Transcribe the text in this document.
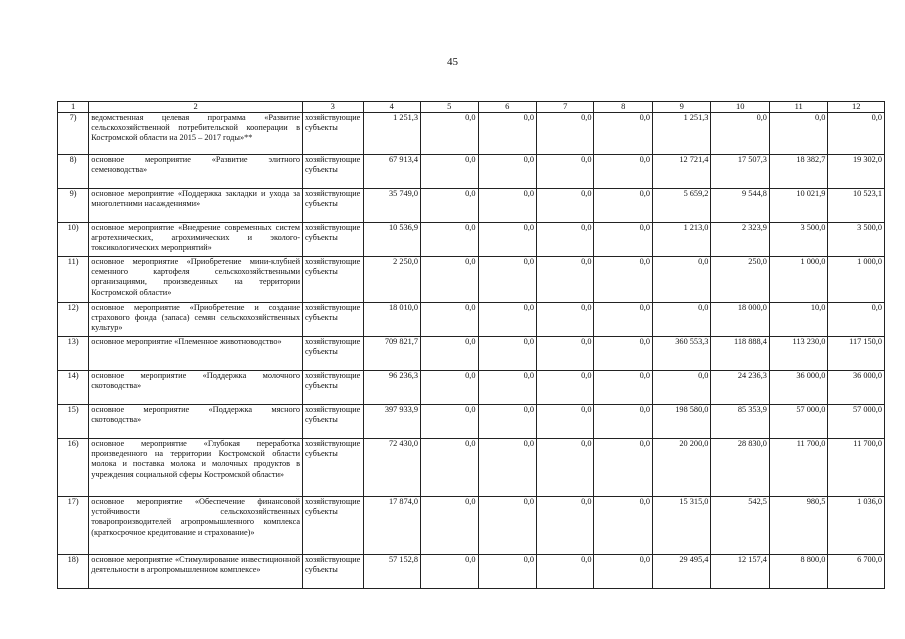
45
1	2	3	4	5	6	7	8	9	10	11	12
7)	ведомственная целевая программа «Развитие сельскохозяйственной потребительской кооперации в Костромской области на 2015 – 2017 годы»**	хозяйствующие субъекты	1 251,3	0,0	0,0	0,0	0,0	1 251,3	0,0	0,0	0,0
8)	основное мероприятие «Развитие элитного семеноводства»	хозяйствующие субъекты	67 913,4	0,0	0,0	0,0	0,0	12 721,4	17 507,3	18 382,7	19 302,0
9)	основное мероприятие «Поддержка закладки и ухода за многолетними насаждениями»	хозяйствующие субъекты	35 749,0	0,0	0,0	0,0	0,0	5 659,2	9 544,8	10 021,9	10 523,1
10)	основное мероприятие «Внедрение современных систем агротехнических, агрохимических и эколого-токсикологических мероприятий»	хозяйствующие субъекты	10 536,9	0,0	0,0	0,0	0,0	1 213,0	2 323,9	3 500,0	3 500,0
11)	основное мероприятие «Приобретение мини-клубней семенного картофеля сельскохозяйственными организациями, произведенных на территории Костромской области»	хозяйствующие субъекты	2 250,0	0,0	0,0	0,0	0,0	0,0	250,0	1 000,0	1 000,0
12)	основное мероприятие «Приобретение и создание страхового фонда (запаса) семян сельскохозяйственных культур»	хозяйствующие субъекты	18 010,0	0,0	0,0	0,0	0,0	0,0	18 000,0	10,0	0,0
13)	основное мероприятие «Племенное животноводство»	хозяйствующие субъекты	709 821,7	0,0	0,0	0,0	0,0	360 553,3	118 888,4	113 230,0	117 150,0
14)	основное мероприятие «Поддержка молочного скотоводства»	хозяйствующие субъекты	96 236,3	0,0	0,0	0,0	0,0	0,0	24 236,3	36 000,0	36 000,0
15)	основное мероприятие «Поддержка мясного скотоводства»	хозяйствующие субъекты	397 933,9	0,0	0,0	0,0	0,0	198 580,0	85 353,9	57 000,0	57 000,0
16)	основное мероприятие «Глубокая переработка произведенного на территории Костромской области молока и поставка молока и молочных продуктов в учреждения социальной сферы Костромской области»	хозяйствующие субъекты	72 430,0	0,0	0,0	0,0	0,0	20 200,0	28 830,0	11 700,0	11 700,0
17)	основное мероприятие «Обеспечение финансовой устойчивости сельскохозяйственных товаропроизводителей агропромышленного комплекса (краткосрочное кредитование и страхование)»	хозяйствующие субъекты	17 874,0	0,0	0,0	0,0	0,0	15 315,0	542,5	980,5	1 036,0
18)	основное мероприятие «Стимулирование инвестиционной деятельности в агропромышленном комплексе»	хозяйствующие субъекты	57 152,8	0,0	0,0	0,0	0,0	29 495,4	12 157,4	8 800,0	6 700,0
